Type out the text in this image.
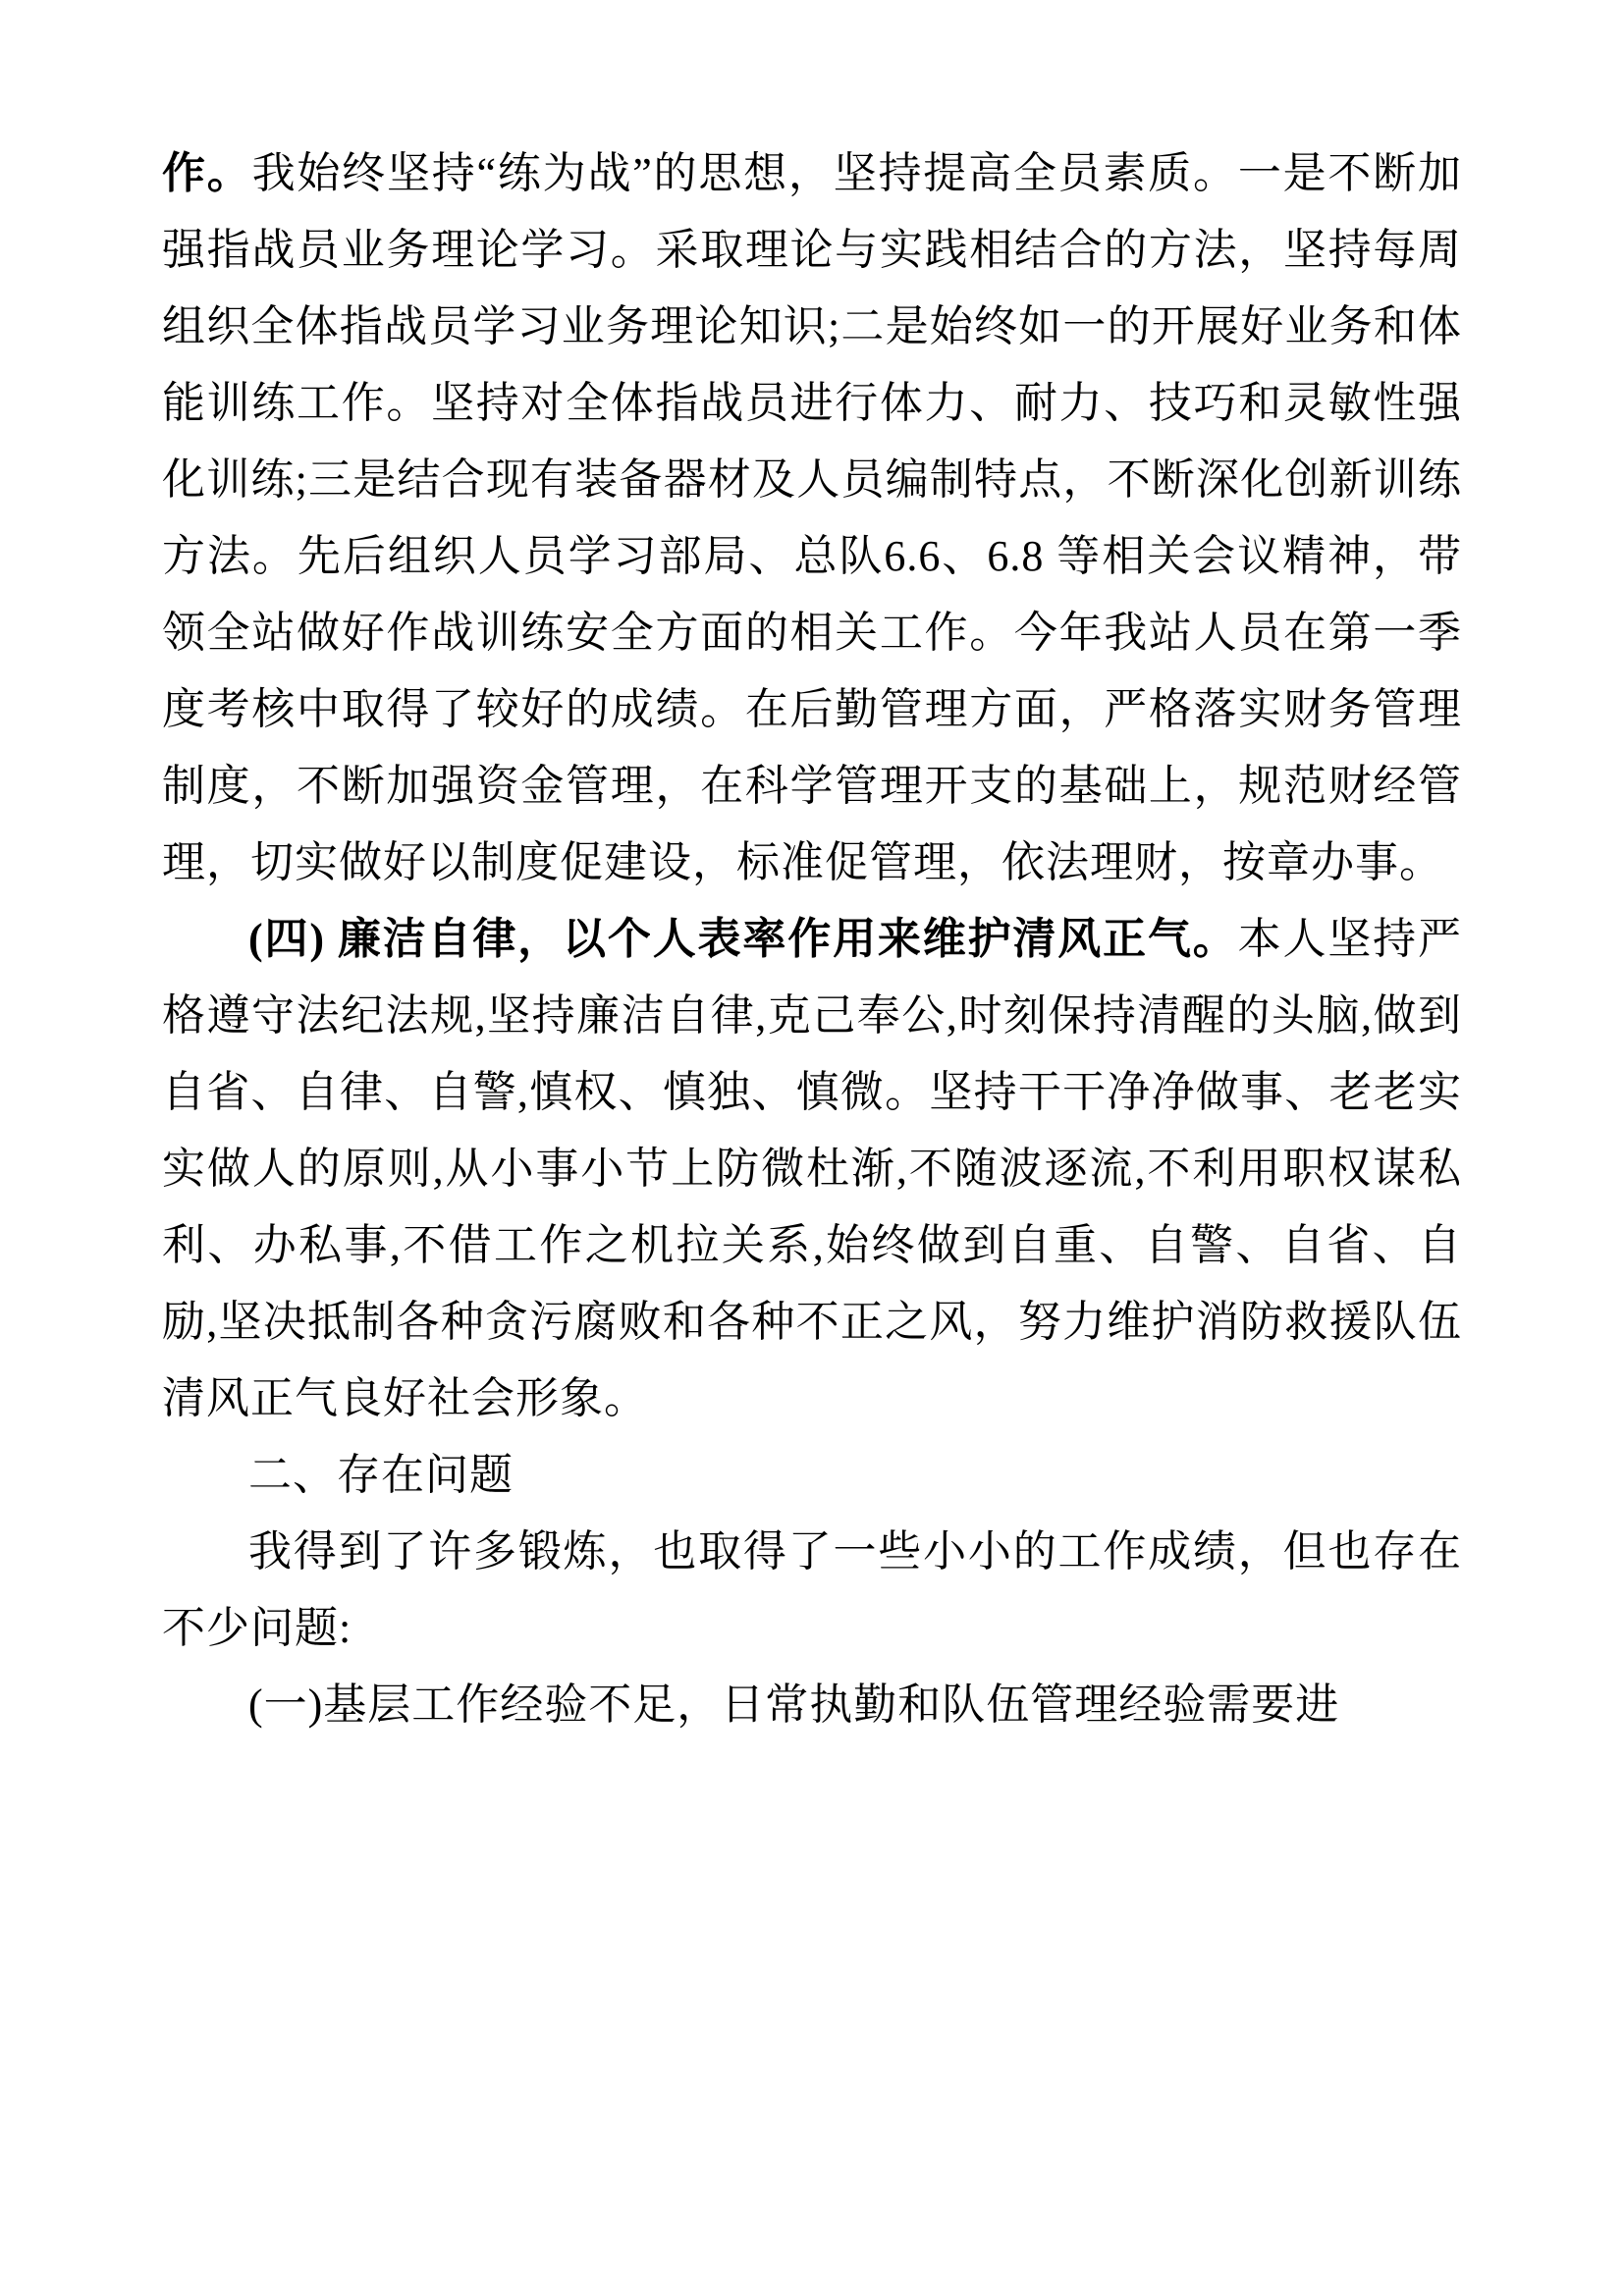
作。我始终坚持“练为战”的思想，坚持提高全员素质。一是不断加强指战员业务理论学习。采取理论与实践相结合的方法，坚持每周组织全体指战员学习业务理论知识;二是始终如一的开展好业务和体能训练工作。坚持对全体指战员进行体力、耐力、技巧和灵敏性强化训练;三是结合现有装备器材及人员编制特点，不断深化创新训练方法。先后组织人员学习部局、总队6.6、6.8 等相关会议精神，带领全站做好作战训练安全方面的相关工作。今年我站人员在第一季度考核中取得了较好的成绩。在后勤管理方面，严格落实财务管理制度，不断加强资金管理，在科学管理开支的基础上，规范财经管理，切实做好以制度促建设，标准促管理，依法理财，按章办事。

(四) 廉洁自律，以个人表率作用来维护清风正气。本人坚持严格遵守法纪法规,坚持廉洁自律,克己奉公,时刻保持清醒的头脑,做到自省、自律、自警,慎权、慎独、慎微。坚持干干净净做事、老老实实做人的原则,从小事小节上防微杜渐,不随波逐流,不利用职权谋私利、办私事,不借工作之机拉关系,始终做到自重、自警、自省、自励,坚决抵制各种贪污腐败和各种不正之风，努力维护消防救援队伍清风正气良好社会形象。

二、存在问题

我得到了许多锻炼，也取得了一些小小的工作成绩，但也存在不少问题:

(一)基层工作经验不足，日常执勤和队伍管理经验需要进
